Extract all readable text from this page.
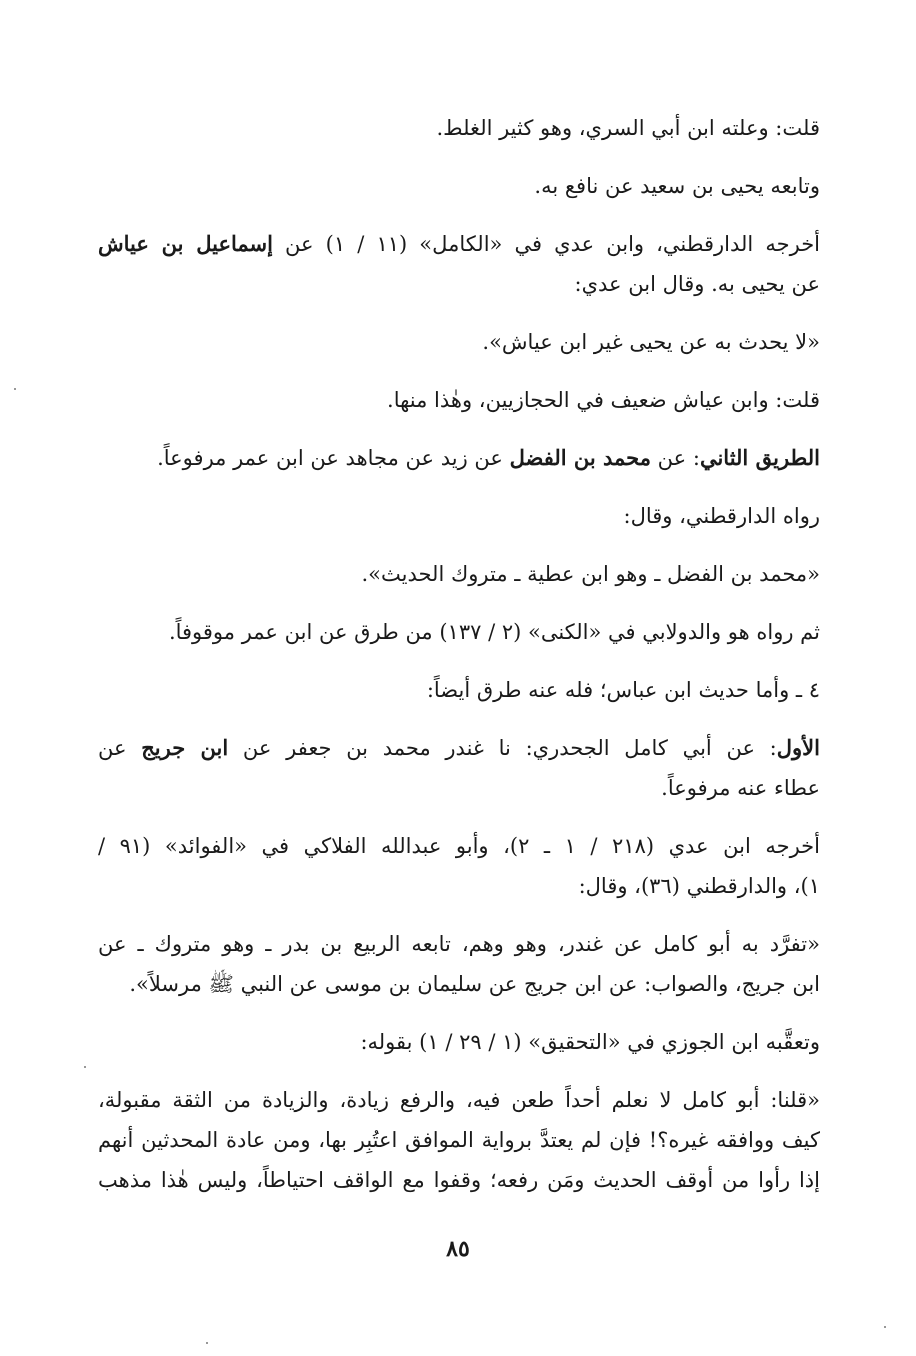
قلت: وعلته ابن أبي السري، وهو كثير الغلط.
وتابعه يحيى بن سعيد عن نافع به.
أخرجه الدارقطني، وابن عدي في «الكامل» (١١ / ١) عن إسماعيل بن عياش
عن يحيى به. وقال ابن عدي:
«لا يحدث به عن يحيى غير ابن عياش».
قلت: وابن عياش ضعيف في الحجازيين، وهٰذا منها.
الطريق الثاني: عن محمد بن الفضل عن زيد عن مجاهد عن ابن عمر مرفوعاً.
رواه الدارقطني، وقال:
«محمد بن الفضل ـ وهو ابن عطية ـ متروك الحديث».
ثم رواه هو والدولابي في «الكنى» (٢ / ١٣٧) من طرق عن ابن عمر موقوفاً.
٤ ـ وأما حديث ابن عباس؛ فله عنه طرق أيضاً:
الأول: عن أبي كامل الجحدري: نا غندر محمد بن جعفر عن ابن جريج عن
عطاء عنه مرفوعاً.
أخرجه ابن عدي (٢١٨ / ١ ـ ٢)، وأبو عبدالله الفلاكي في «الفوائد» (٩١ /
١)، والدارقطني (٣٦)، وقال:
«تفرَّد به أبو كامل عن غندر، وهو وهم، تابعه الربيع بن بدر ـ وهو متروك ـ عن
ابن جريج، والصواب: عن ابن جريج عن سليمان بن موسى عن النبي ﷺ مرسلاً».
وتعقَّبه ابن الجوزي في «التحقيق» (١ / ٢٩ / ١) بقوله:
«قلنا: أبو كامل لا نعلم أحداً طعن فيه، والرفع زيادة، والزيادة من الثقة مقبولة،
كيف ووافقه غيره؟! فإن لم يعتدَّ برواية الموافق اعتُبِر بها، ومن عادة المحدثين أنهم
إذا رأوا من أوقف الحديث ومَن رفعه؛ وقفوا مع الواقف احتياطاً، وليس هٰذا مذهب
٨٥
